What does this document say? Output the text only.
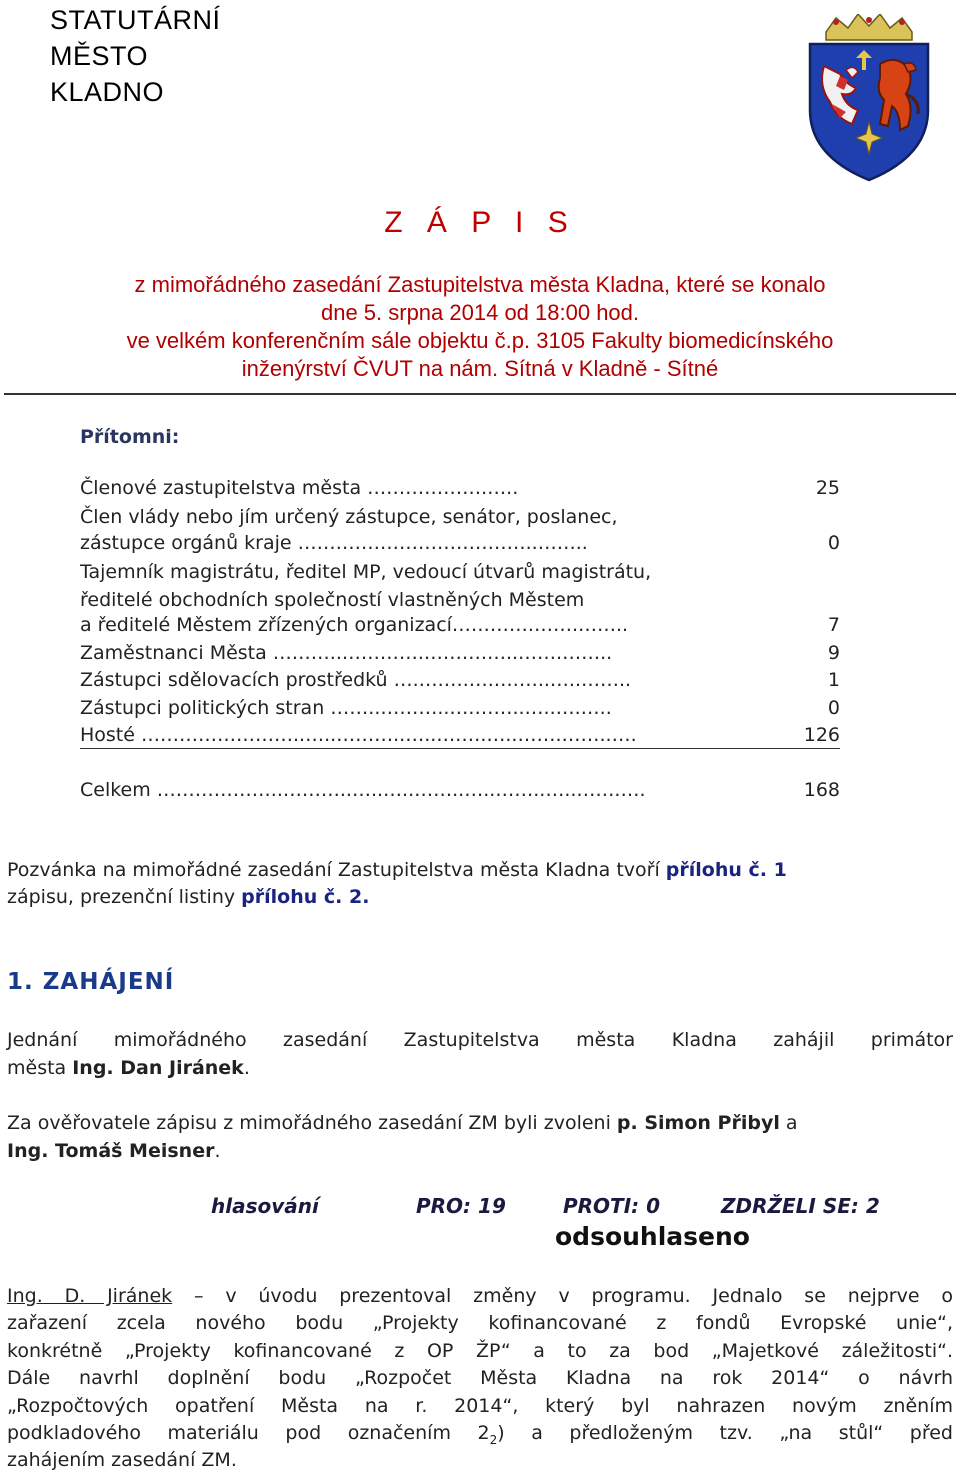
STATUTÁRNÍ
MĚSTO
KLADNO
Z Á P I S
z mimořádného zasedání Zastupitelstva města Kladna, které se konalo
dne 5. srpna 2014 od 18:00 hod.
ve velkém konferenčním sále objektu č.p. 3105 Fakulty biomedicínského
inženýrství ČVUT na nám. Sítná v Kladně - Sítné
Přítomni:
Členové zastupitelstva města ……………….…..	25
Člen vlády nebo jím určený zástupce, senátor, poslanec,
zástupce orgánů kraje ………………………………..……..	0
Tajemník magistrátu, ředitel MP, vedoucí útvarů magistrátu,
ředitelé obchodních společností vlastněných Městem
a ředitelé Městem zřízených organizací………….…….……..	7
Zaměstnanci Města ………..………….……….…..…….……..	9
Zástupci sdělovacích prostředků ….….….….….…..…..……..	1
Zástupci politických stran ……..………..….……..…..….…..	0
Hosté ……………………..…..………..…..….….…..…….……..….	126
Celkem ………………..………..…..…..……..…..……..…..…….….	168
Pozvánka na mimořádné zasedání Zastupitelstva města Kladna tvoří přílohu č. 1
zápisu, prezenční listiny přílohu č. 2.
1. ZAHÁJENÍ
Jednání mimořádného zasedání Zastupitelstva města Kladna zahájil primátor
města Ing. Dan Jiránek.
Za ověřovatele zápisu z mimořádného zasedání ZM byli zvoleni p. Simon Přibyl a
Ing. Tomáš Meisner.
hlasování	PRO: 19	PROTI: 0	ZDRŽELI SE: 2
odsouhlaseno
Ing. D. Jiránek – v úvodu prezentoval změny v programu. Jednalo se nejprve o
zařazení zcela nového bodu „Projekty kofinancované z fondů Evropské unie“,
konkrétně „Projekty kofinancované z OP ŽP“ a to za bod „Majetkové záležitosti“.
Dále navrhl doplnění bodu „Rozpočet Města Kladna na rok 2014“ o návrh
„Rozpočtových opatření Města na r. 2014“, který byl nahrazen novým zněním
podkladového materiálu pod označením $2_2$) a předloženým tzv. „na stůl“ před
zahájením zasedání ZM.
